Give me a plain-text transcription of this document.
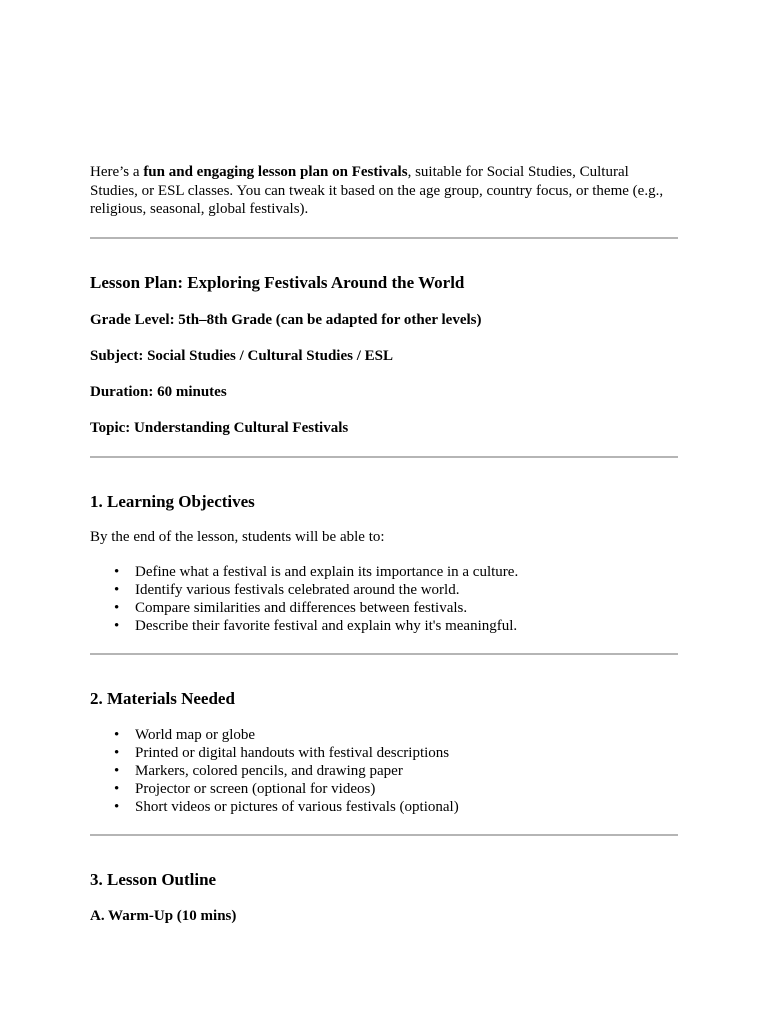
Here’s a fun and engaging lesson plan on Festivals, suitable for Social Studies, Cultural Studies, or ESL classes. You can tweak it based on the age group, country focus, or theme (e.g., religious, seasonal, global festivals).

Lesson Plan: Exploring Festivals Around the World

Grade Level: 5th–8th Grade (can be adapted for other levels)

Subject: Social Studies / Cultural Studies / ESL

Duration: 60 minutes

Topic: Understanding Cultural Festivals

1. Learning Objectives

By the end of the lesson, students will be able to:

• Define what a festival is and explain its importance in a culture.
• Identify various festivals celebrated around the world.
• Compare similarities and differences between festivals.
• Describe their favorite festival and explain why it's meaningful.
2. Materials Needed
• World map or globe
• Printed or digital handouts with festival descriptions
• Markers, colored pencils, and drawing paper
• Projector or screen (optional for videos)
• Short videos or pictures of various festivals (optional)
3. Lesson Outline

A. Warm-Up (10 mins)
